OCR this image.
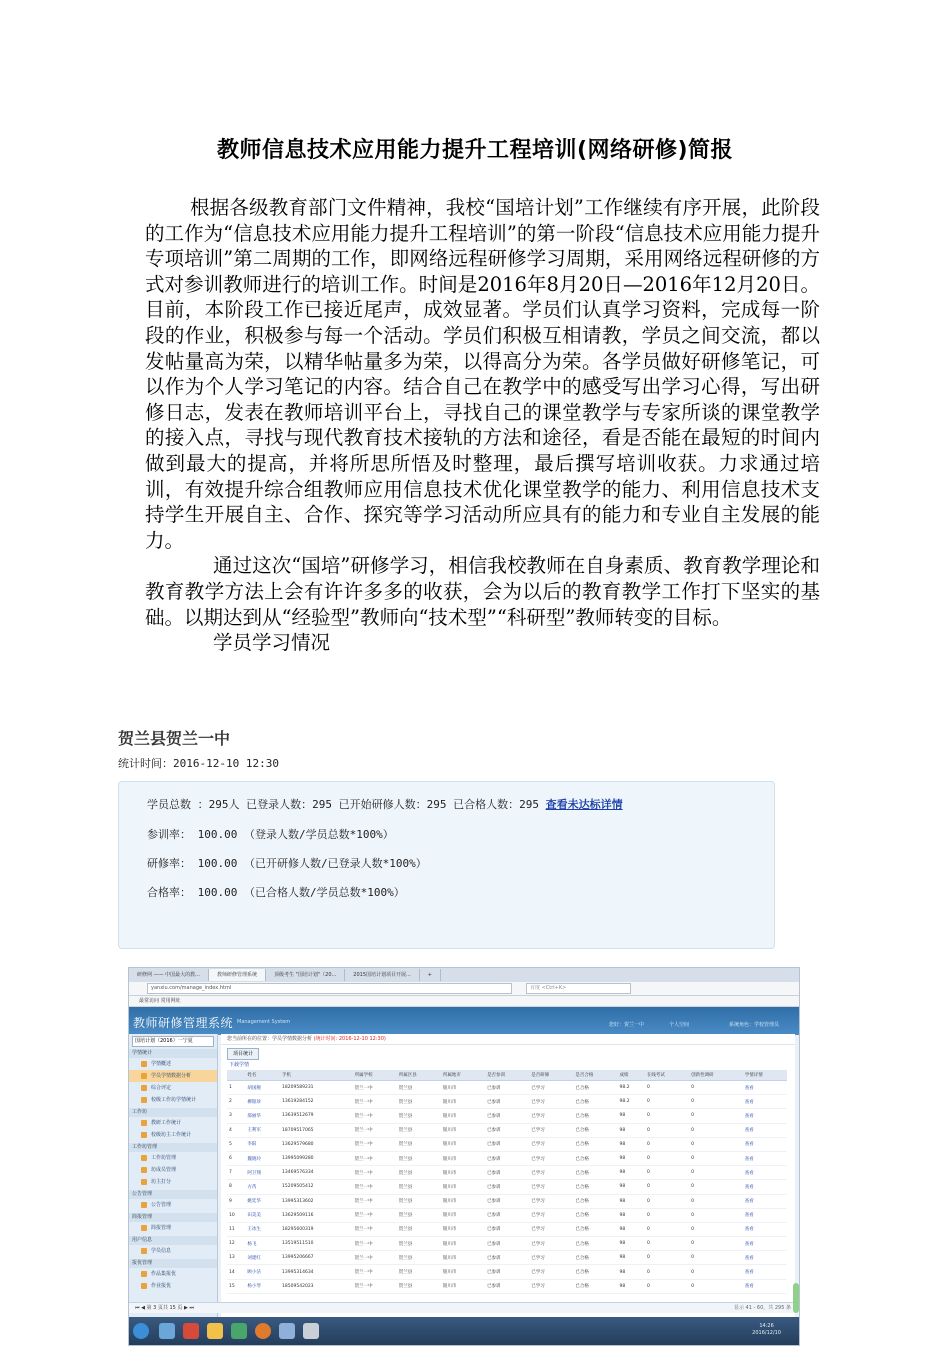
教师信息技术应用能力提升工程培训(网络研修)简报

根据各级教育部门文件精神，我校“国培计划”工作继续有序开展，此阶段的工作为“信息技术应用能力提升工程培训”的第一阶段“信息技术应用能力提升专项培训”第二周期的工作，即网络远程研修学习周期，采用网络远程研修的方式对参训教师进行的培训工作。时间是2016年8月20日—2016年12月20日。目前，本阶段工作已接近尾声，成效显著。学员们认真学习资料，完成每一阶段的作业，积极参与每一个活动。学员们积极互相请教，学员之间交流，都以发帖量高为荣，以精华帖量多为荣，以得高分为荣。各学员做好研修笔记，可以作为个人学习笔记的内容。结合自己在教学中的感受写出学习心得，写出研修日志，发表在教师培训平台上，寻找自己的课堂教学与专家所谈的课堂教学的接入点，寻找与现代教育技术接轨的方法和途径，看是否能在最短的时间内做到最大的提高，并将所思所悟及时整理，最后撰写培训收获。力求通过培训，有效提升综合组教师应用信息技术优化课堂教学的能力、利用信息技术支持学生开展自主、合作、探究等学习活动所应具有的能力和专业自主发展的能力。

通过这次“国培”研修学习，相信我校教师在自身素质、教育教学理论和教育教学方法上会有许许多多的收获，会为以后的教育教学工作打下坚实的基础。以期达到从“经验型”教师向“技术型”“科研型”教师转变的目标。

学员学习情况

贺兰县贺兰一中
统计时间：2016-12-10 12:30
学员总数 ：295人 已登录人数：295 已开始研修人数：295 已合格人数：295 查看未达标详情
参训率： 100.00 （登录人数/学员总数*100%）
研修率： 100.00 （已开研修人数/已登录人数*100%）
合格率： 100.00 （已合格人数/学员总数*100%）
研修网 —— 中国最大的教...	教师研修管理系统	顶级考生 "国培计划"（20...	2015国培计划项目开展...	+
yanxiu.com/manage_index.html	百度 <Ctrl+K>
最常访问 常用网址
教师研修管理系统 Management System	您好：贺兰一中	个人空间	系统角色：学校管理员
国培计划（2016）一宁夏
学情统计
学情概述
学员学情数据分析
综合评定
校级工作坊学情统计
工作坊
教研工作统计
校级坊主工作统计
工作坊管理
工作坊管理
坊成员管理
坊主打分
公告管理
公告管理
简报管理
简报管理
用户信息
学员信息
报优管理
作品集报优
作业报优
您当前所在的位置：学员学情数据分析 (统计时间: 2016-12-10 12:30)
项目统计
下载学情
	姓名	手机	所属学校	所属区县	所属地市	是否参训	是否研修	是否合格	成绩	在线考试	创新性调研	学情详情
1	胡国舰	18209589231	贺兰一中	贺兰县	银川市	已参训	已学习	已合格	98.2	0	0	查看
2	柳银珍	13619284152	贺兰一中	贺兰县	银川市	已参训	已学习	已合格	98.2	0	0	查看
3	郝丽华	13639512679	贺兰一中	贺兰县	银川市	已参训	已学习	已合格	98	0	0	查看
4	王利军	18709517065	贺兰一中	贺兰县	银川市	已参训	已学习	已合格	98	0	0	查看
5	李阳	13629579680	贺兰一中	贺兰县	银川市	已参训	已学习	已合格	98	0	0	查看
6	魏晓玲	13995099280	贺兰一中	贺兰县	银川市	已参训	已学习	已合格	98	0	0	查看
7	阿卫翔	13469576334	贺兰一中	贺兰县	银川市	已参训	已学习	已合格	98	0	0	查看
8	方芮	15209505412	贺兰一中	贺兰县	银川市	已参训	已学习	已合格	98	0	0	查看
9	姚廷华	13995313602	贺兰一中	贺兰县	银川市	已参训	已学习	已合格	98	0	0	查看
10	田美美	13629509116	贺兰一中	贺兰县	银川市	已参训	已学习	已合格	98	0	0	查看
11	王冰生	18295600319	贺兰一中	贺兰县	银川市	已参训	已学习	已合格	98	0	0	查看
12	杨飞	13519511510	贺兰一中	贺兰县	银川市	已参训	已学习	已合格	98	0	0	查看
13	刘建红	13995206667	贺兰一中	贺兰县	银川市	已参训	已学习	已合格	98	0	0	查看
14	顾小洁	13995314634	贺兰一中	贺兰县	银川市	已参训	已学习	已合格	98	0	0	查看
15	杨小琴	18509542023	贺兰一中	贺兰县	银川市	已参训	已学习	已合格	98	0	0	查看
⏮ ◀ 第 3 页共 15 页 ▶ ⏭	显示 41 - 60，共 295 条
14:26
2016/12/10
